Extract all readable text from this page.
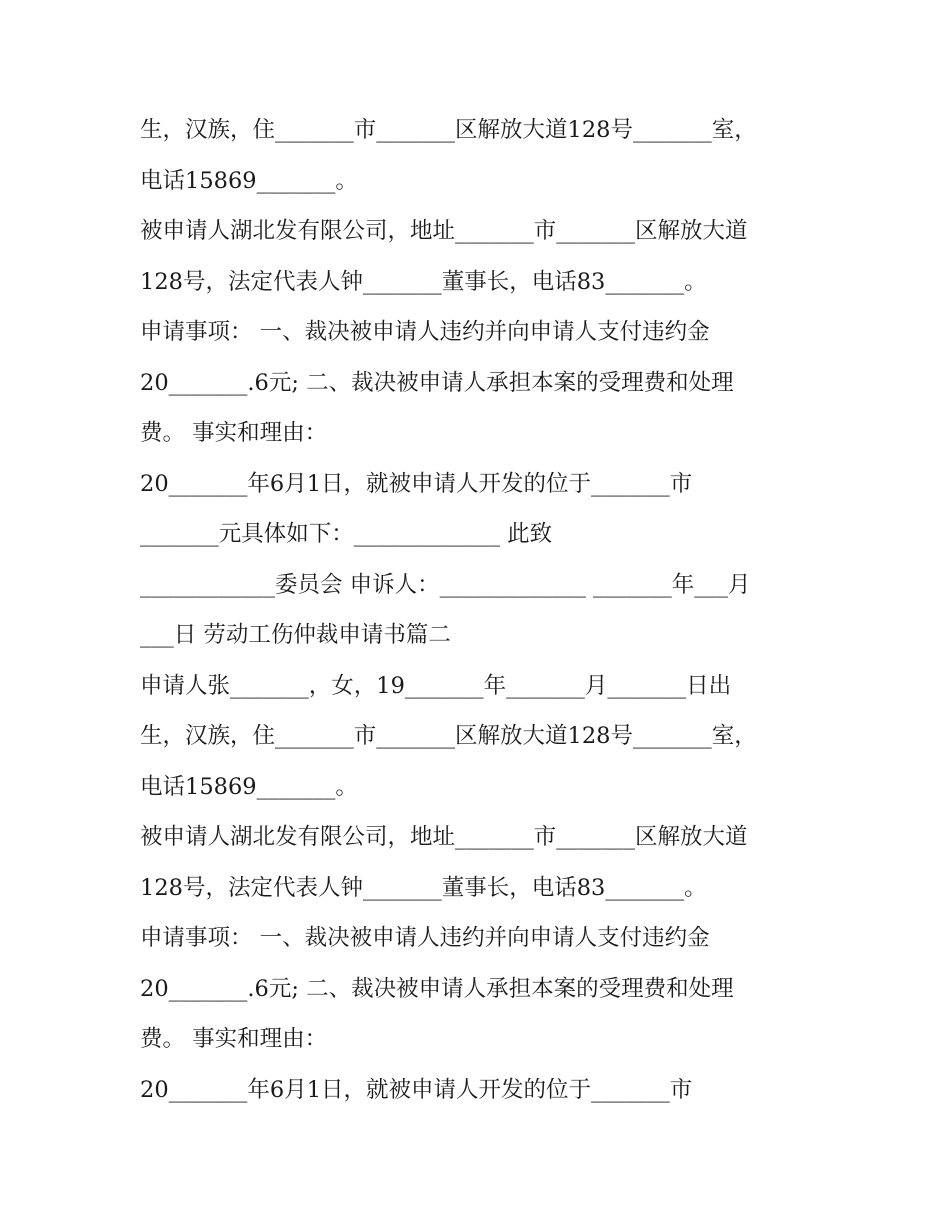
生，汉族，住_______市_______区解放大道128号_______室，
电话15869_______。
被申请人湖北发有限公司，地址_______市_______区解放大道
128号，法定代表人钟_______董事长，电话83_______。
申请事项： 一、裁决被申请人违约并向申请人支付违约金
20_______.6元; 二、裁决被申请人承担本案的受理费和处理
费。 事实和理由：
20_______年6月1日，就被申请人开发的位于_______市
_______元具体如下：_____________ 此致
____________委员会 申诉人：_____________ _______年___月
___日 劳动工伤仲裁申请书篇二
申请人张_______，女，19_______年_______月_______日出
生，汉族，住_______市_______区解放大道128号_______室，
电话15869_______。
被申请人湖北发有限公司，地址_______市_______区解放大道
128号，法定代表人钟_______董事长，电话83_______。
申请事项： 一、裁决被申请人违约并向申请人支付违约金
20_______.6元; 二、裁决被申请人承担本案的受理费和处理
费。 事实和理由：
20_______年6月1日，就被申请人开发的位于_______市
